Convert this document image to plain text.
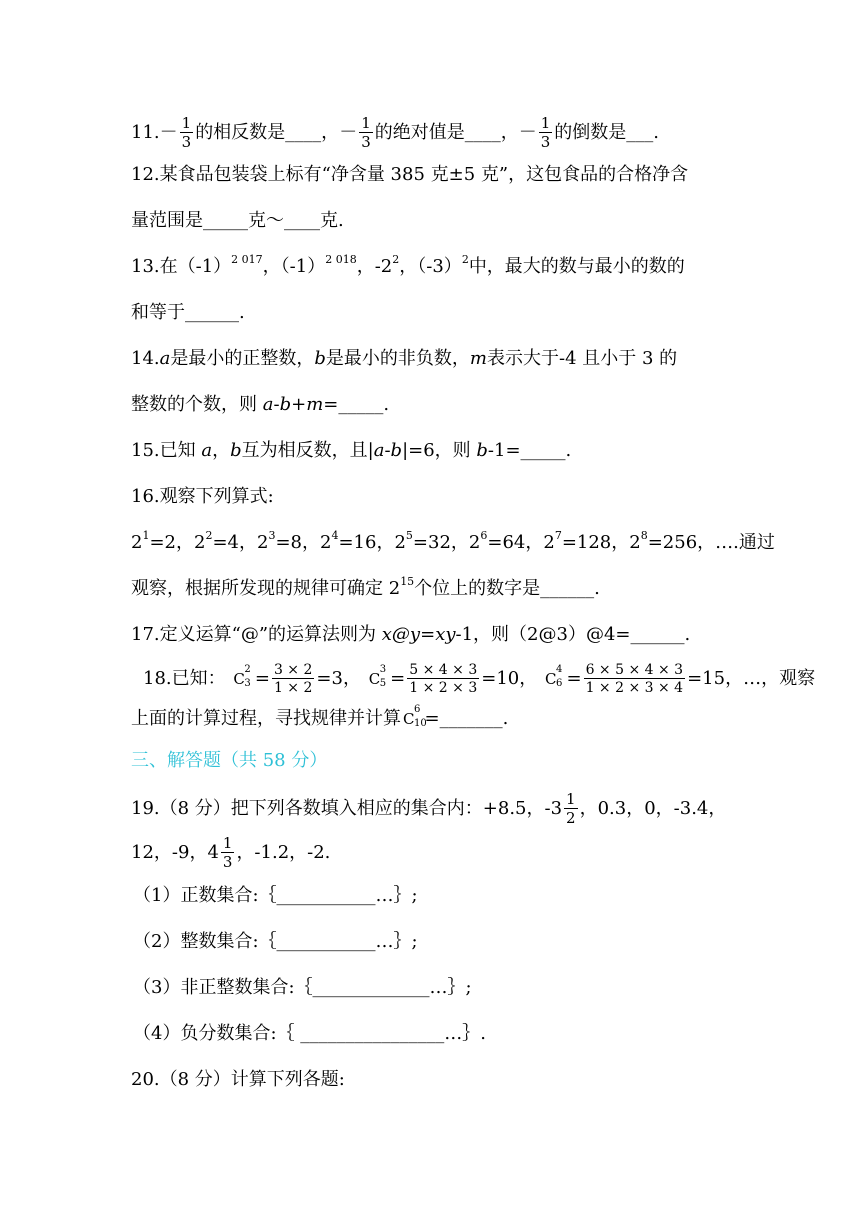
$11.- \frac{1}{3}$ 的相反数是____，－ $\frac{1}{3}$ 的绝对值是____，－ $\frac{1}{3}$ 的倒数是___.
12.某食品包装袋上标有“净含量 385 克±5 克”，这包食品的合格净含
量范围是_____克～____克.
13.在$(-1)^{2 017}$，$(-1)^{2 018}$，$-2^2$，$(-3)^2$中，最大的数与最小的数的
和等于______.
14.a是最小的正整数，b是最小的非负数，m表示大于-4 且小于 3 的
整数的个数，则 a-b+m=_____.
15.已知 a，b互为相反数，且|a-b|=6，则 b-1=_____.
16.观察下列算式:
$2^1=2$，$2^2=4$，$2^3=8$，$2^4=16$，$2^5=32$，$2^6=64$，$2^7=128$，$2^8=256$，….通过
观察，根据所发现的规律可确定 $2^{15}$个位上的数字是______.
17.定义运算“@”的运算法则为 x@y=xy-1，则（2@3）@4=______.
18.已知： C
2
$3 = \frac{3 \times 2}{1 \times 2} =3$， C
3
$5 = \frac{5 \times 4 \times 3}{1 \times 2 \times 3} =10$， C
4
$6 = \frac{6 \times 5 \times 4 \times 3}{1 \times 2 \times 3 \times 4} =15$，…，观察
上面的计算过程，寻找规律并计算 C
6
10
=_______.
三、解答题（共 58 分）
19.（8 分）把下列各数填入相应的集合内：+8.5，$-3 \frac{1}{2}$ ，0.3，0，-3.4，
12，-9，$4 \frac{1}{3}$ ，-1.2，-2.
（1）正数集合:｛___________…｝;
（2）整数集合:｛___________…｝;
（3）非正整数集合:｛_____________…｝;
（4）负分数集合:｛ ________________…｝.
20.（8 分）计算下列各题:
